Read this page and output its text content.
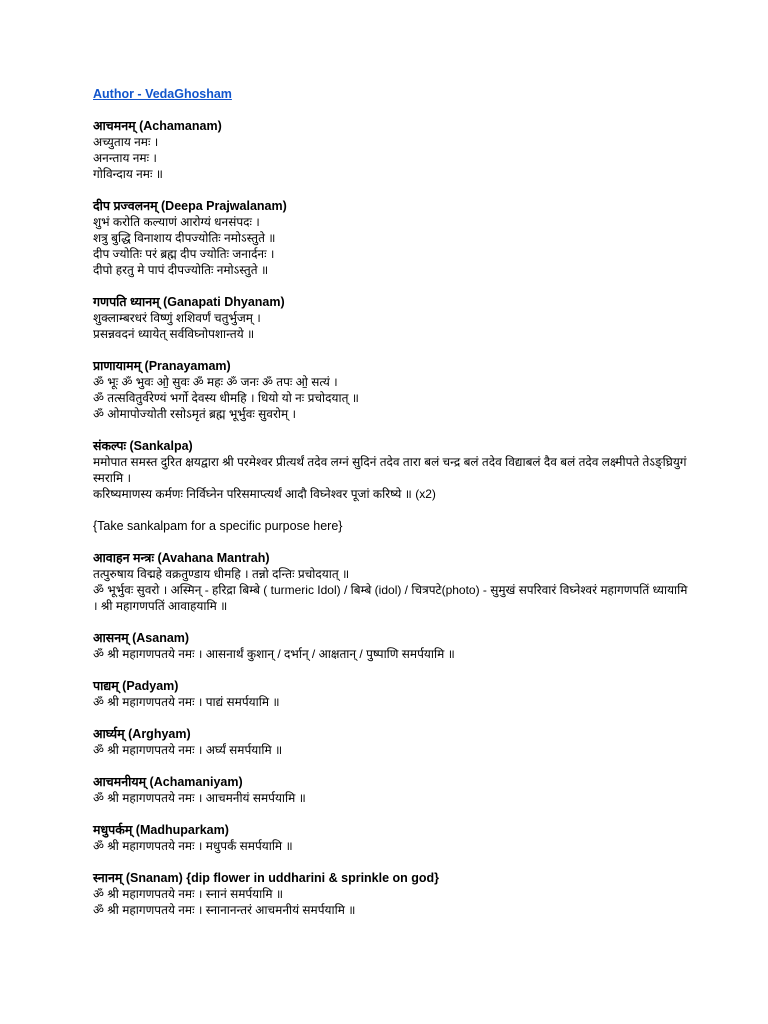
Author - VedaGhosham
आचमनम् (Achamanam)
अच्युताय नमः ।
अनन्ताय नमः ।
गोविन्दाय नमः ॥
दीप प्रज्वलनम् (Deepa Prajwalanam)
शुभं करोति कल्याणं आरोग्यं धनसंपदः ।
शत्रु बुद्धि विनाशाय दीपज्योतिः नमोऽस्तुते ॥
दीप ज्योतिः परं ब्रह्म दीप ज्योतिः जनार्दनः ।
दीपो हरतु मे पापं दीपज्योतिः नमोऽस्तुते ॥
गणपति ध्यानम् (Ganapati Dhyanam)
शुक्लाम्बरधरं विष्णुं शशिवर्णं चतुर्भुजम् ।
प्रसन्नवदनं ध्यायेत् सर्वविघ्नोपशान्तये ॥
प्राणायामम् (Pranayamam)
ॐ भूः ॐ भुवः ओ॒ सुवः ॐ महः ॐ जनः ॐ तपः ओ॒ सत्यं ।
ॐ तत्सवितुर्वरेण्यं भर्गो देवस्य धीमहि । धियो यो नः प्रचोदयात् ॥
ॐ ओमापोज्योती रसोऽमृतं ब्रह्म भूर्भुवः सुवरोम् ।
संकल्पः (Sankalpa)
ममोपात समस्त दुरित क्षयद्वारा श्री परमेश्वर प्रीत्यर्थं तदेव लग्नं सुदिनं तदेव तारा बलं चन्द्र बलं तदेव विद्याबलं दैव बलं तदेव लक्ष्मीपते तेऽङ्घ्रियुगं स्मरामि ।
करिष्यमाणस्य कर्मणः निर्विघ्नेन परिसमाप्त्यर्थं आदौ विघ्नेश्वर पूजां करिष्ये ॥ (x2)
{Take sankalpam for a specific purpose here}
आवाहन मन्त्रः (Avahana Mantrah)
तत्पुरुषाय विद्महे वक्रतुण्डाय धीमहि । तन्नो दन्तिः प्रचोदयात् ॥
ॐ भूर्भुवः सुवरो । अस्मिन् - हरिद्रा बिम्बे ( turmeric Idol) / बिम्बे (idol) / चित्रपटे(photo) - सुमुखं सपरिवारं विघ्नेश्वरं महागणपतिं ध्यायामि । श्री महागणपतिं आवाहयामि ॥
आसनम् (Asanam)
ॐ श्री महागणपतये नमः । आसनार्थं कुशान् / दर्भान् / आक्षतान् / पुष्पाणि समर्पयामि ॥
पाद्यम् (Padyam)
ॐ श्री महागणपतये नमः । पाद्यं समर्पयामि ॥
आर्घ्यम् (Arghyam)
ॐ श्री महागणपतये नमः । अर्घ्यं समर्पयामि ॥
आचमनीयम् (Achamaniyam)
ॐ श्री महागणपतये नमः । आचमनीयं समर्पयामि ॥
मधुपर्कम् (Madhuparkam)
ॐ श्री महागणपतये नमः । मधुपर्कं समर्पयामि ॥
स्नानम् (Snanam) {dip flower in uddharini & sprinkle on god}
ॐ श्री महागणपतये नमः । स्नानं समर्पयामि ॥
ॐ श्री महागणपतये नमः । स्नानानन्तरं आचमनीयं समर्पयामि ॥
